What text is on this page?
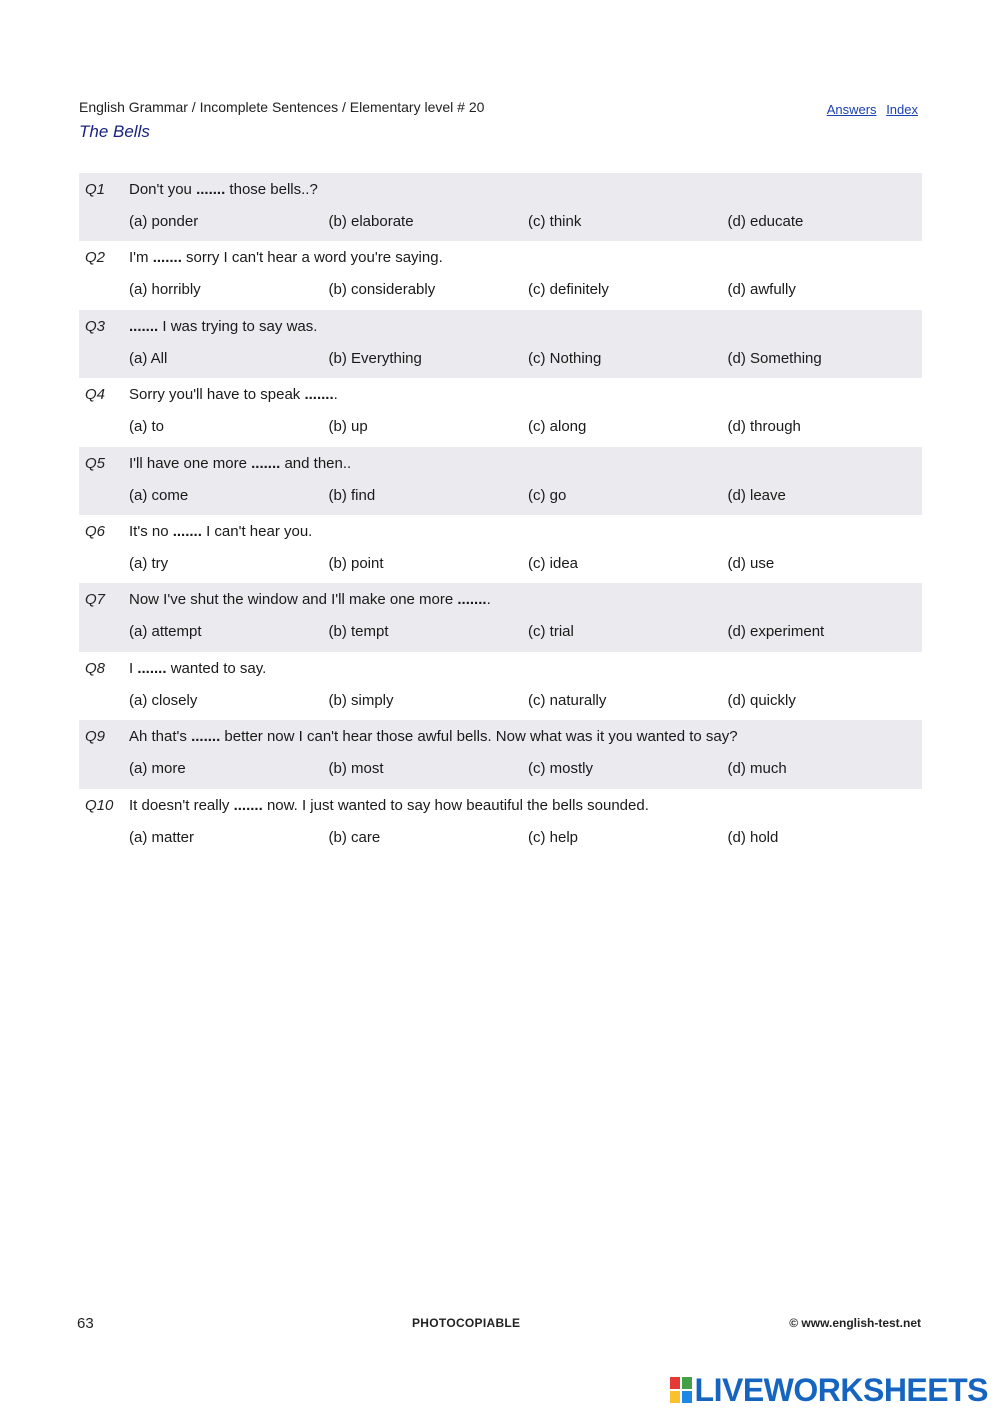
English Grammar / Incomplete Sentences / Elementary level # 20
The Bells
Answers Index
Q1 Don't you ....... those bells..?
(a) ponder	(b) elaborate	(c) think	(d) educate
Q2 I'm ....... sorry I can't hear a word you're saying.
(a) horribly	(b) considerably	(c) definitely	(d) awfully
Q3 ....... I was trying to say was.
(a) All	(b) Everything	(c) Nothing	(d) Something
Q4 Sorry you'll have to speak ........
(a) to	(b) up	(c) along	(d) through
Q5 I'll have one more ....... and then..
(a) come	(b) find	(c) go	(d) leave
Q6 It's no ....... I can't hear you.
(a) try	(b) point	(c) idea	(d) use
Q7 Now I've shut the window and I'll make one more ........
(a) attempt	(b) tempt	(c) trial	(d) experiment
Q8 I ....... wanted to say.
(a) closely	(b) simply	(c) naturally	(d) quickly
Q9 Ah that's ....... better now I can't hear those awful bells. Now what was it you wanted to say?
(a) more	(b) most	(c) mostly	(d) much
Q10 It doesn't really ....... now. I just wanted to say how beautiful the bells sounded.
(a) matter	(b) care	(c) help	(d) hold
63	PHOTOCOPIABLE	© www.english-test.net
LIVEWORKSHEETS
